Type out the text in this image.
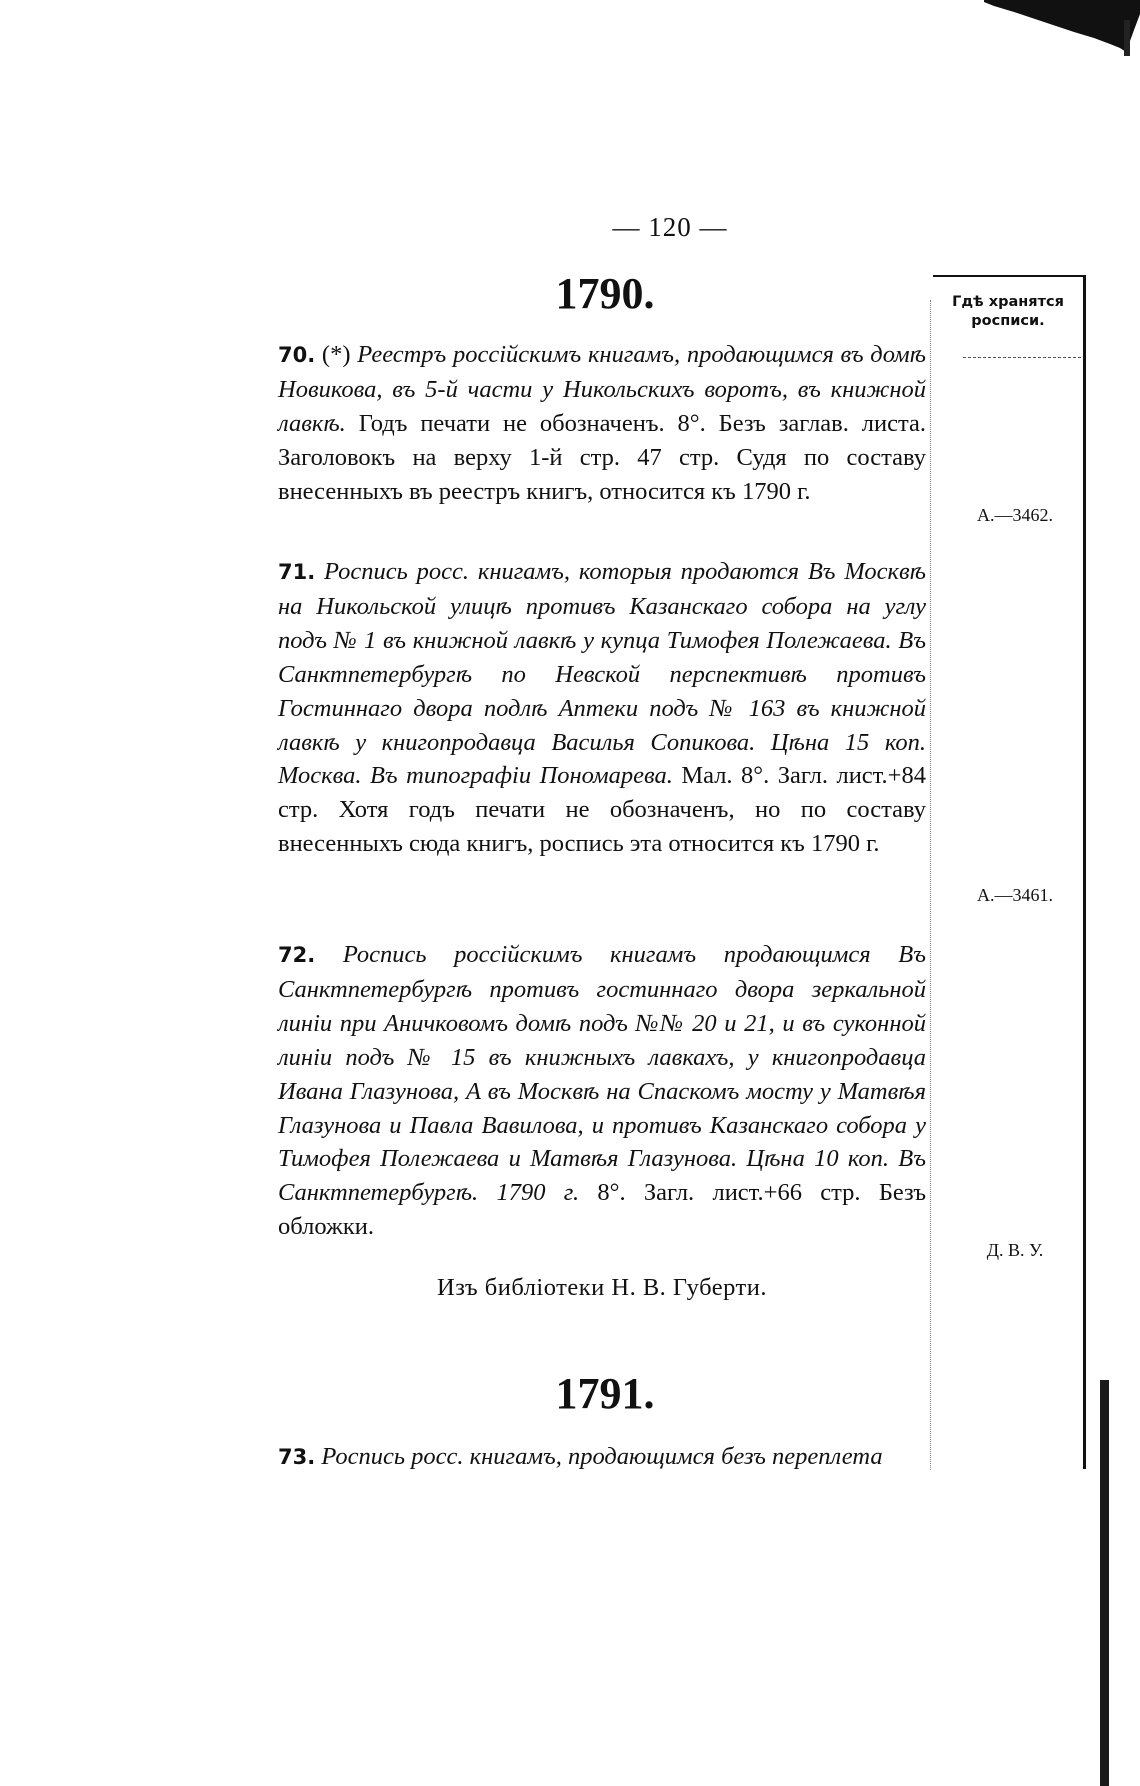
— 120 —
1790.	Гдѣ хранятся
росписи.
70. (*) Реестръ россійскимъ книгамъ, продающимся въ домѣ Новикова, въ 5-й части у Никольскихъ воротъ, въ книжной лавкѣ. Годъ печати не обозначенъ. 8°. Безъ заглав. листа. Заголовокъ на верху 1-й стр. 47 стр. Судя по составу внесенныхъ въ реестръ книгъ, относится къ 1790 г.
А.—3462.
71. Роспись росс. книгамъ, которыя продаются Въ Москвѣ на Никольской улицѣ противъ Казанскаго собора на углу подъ № 1 въ книжной лавкѣ у купца Тимофея Полежаева. Въ Санктпетербургѣ по Невской перспективѣ противъ Гостиннаго двора подлѣ Аптеки подъ № 163 въ книжной лавкѣ у книгопродавца Василья Сопикова. Цѣна 15 коп. Москва. Въ типографіи Пономарева. Мал. 8°. Загл. лист.+84 стр. Хотя годъ печати не обозначенъ, но по составу внесенныхъ сюда книгъ, роспись эта относится къ 1790 г.
А.—3461.
72. Роспись россійскимъ книгамъ продающимся Въ Санктпетербургѣ противъ гостиннаго двора зеркальной линіи при Аничковомъ домѣ подъ №№ 20 и 21, и въ суконной линіи подъ № 15 въ книжныхъ лавкахъ, у книгопродавца Ивана Глазунова, А въ Москвѣ на Спаскомъ мосту у Матвѣя Глазунова и Павла Вавилова, и противъ Казанскаго собора у Тимофея Полежаева и Матвѣя Глазунова. Цѣна 10 коп. Въ Санктпетербургѣ. 1790 г. 8°. Загл. лист.+66 стр. Безъ обложки.
Изъ библіотеки Н. В. Губерти.
Д. В. У.
1791.
73. Роспись росс. книгамъ, продающимся безъ переплета
